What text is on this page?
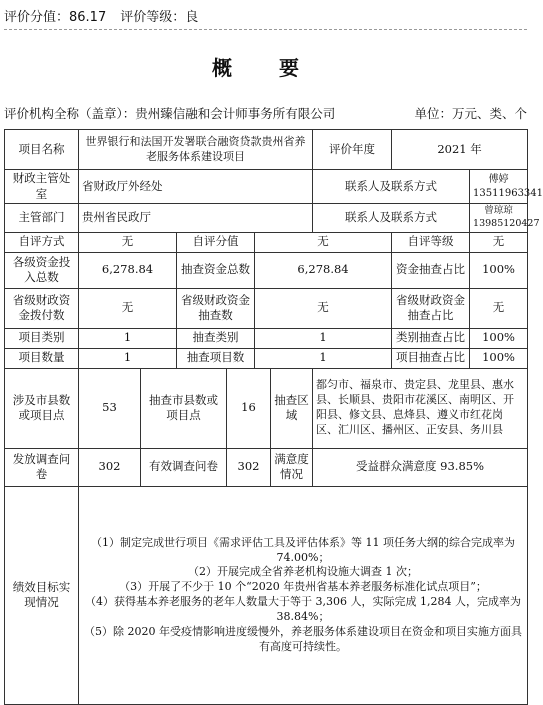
评价分值：86.17 评价等级：良
概 要
评价机构全称（盖章）：贵州臻信融和会计师事务所有限公司	单位：万元、类、个
项目名称	世界银行和法国开发署联合融资贷款贵州省养老服务体系建设项目						评价年度	2021 年	
财政主管处室	省财政厅外经处						联系人及联系方式		傅婷 13511963341
主管部门	贵州省民政厅						联系人及联系方式		曾琼琼 13985120427
自评方式	无		自评分值		无			自评等级	无
各级资金投入总数	6,278.84		抽查资金总数		6,278.84			资金抽查占比	100%
省级财政资金拨付数	无		省级财政资金抽查数		无			省级财政资金抽查占比	无
项目类别	1		抽查类别		1			类别抽查占比	100%
项目数量	1		抽查项目数		1			项目抽查占比	100%
涉及市县数或项目点	53	抽查市县数或项目点		16		抽查区域	都匀市、福泉市、贵定县、龙里县、惠水县、长顺县、贵阳市花溪区、南明区、开阳县、修文县、息烽县、遵义市红花岗区、汇川区、播州区、正安县、务川县		
发放调查问卷	302	有效调查问卷		302		满意度情况	受益群众满意度 93.85%		
绩效目标实现情况	（1）制定完成世行项目《需求评估工具及评估体系》等 11 项任务大纲的综合完成率为 74.00%；
（2）开展完成全省养老机构设施大调查 1 次；
（3）开展了不少于 10 个“2020 年贵州省基本养老服务标准化试点项目”；
（4）获得基本养老服务的老年人数量大于等于 3,306 人，实际完成 1,284 人，完成率为 38.84%；
（5）除 2020 年受疫情影响进度缓慢外，养老服务体系建设项目在资金和项目实施方面具有高度可持续性。								
